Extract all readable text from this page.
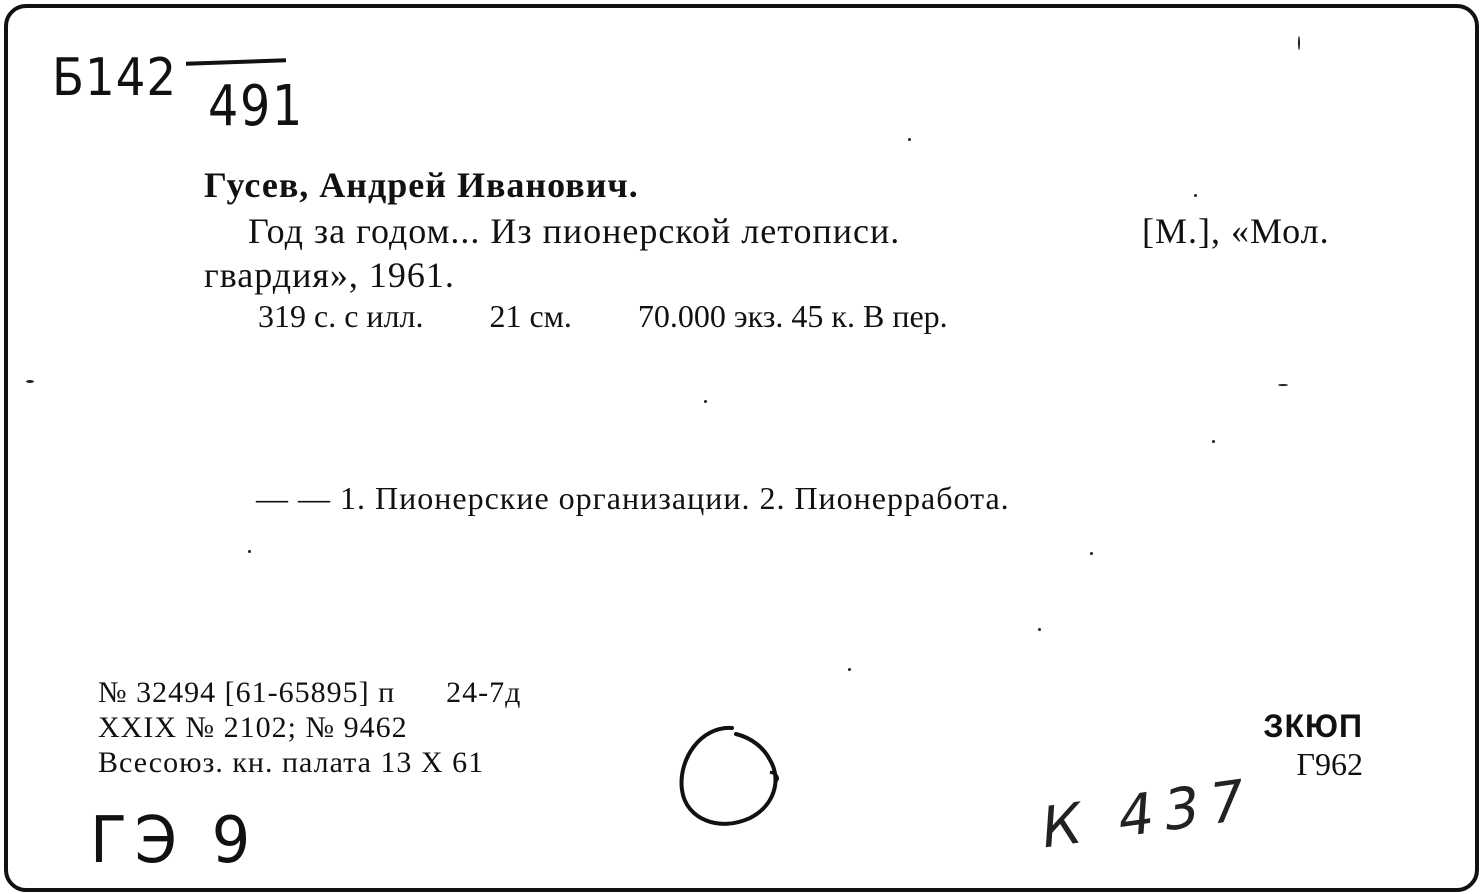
Б142 491

Гусев, Андрей Иванович.

Год за годом... Из пионерской летописи.	[М.], «Мол.

гвардия», 1961.

319 с. с илл. 21 см. 70.000 экз. 45 к. В пер.

— — 1. Пионерские организации. 2. Пионерработа.

№ 32494 [61-65895] п      24-7д

XXIX № 2102; № 9462

Всесоюз. кн. палата 13 X 61

ЗКЮП

Г962

ГЭ 9	К 437
